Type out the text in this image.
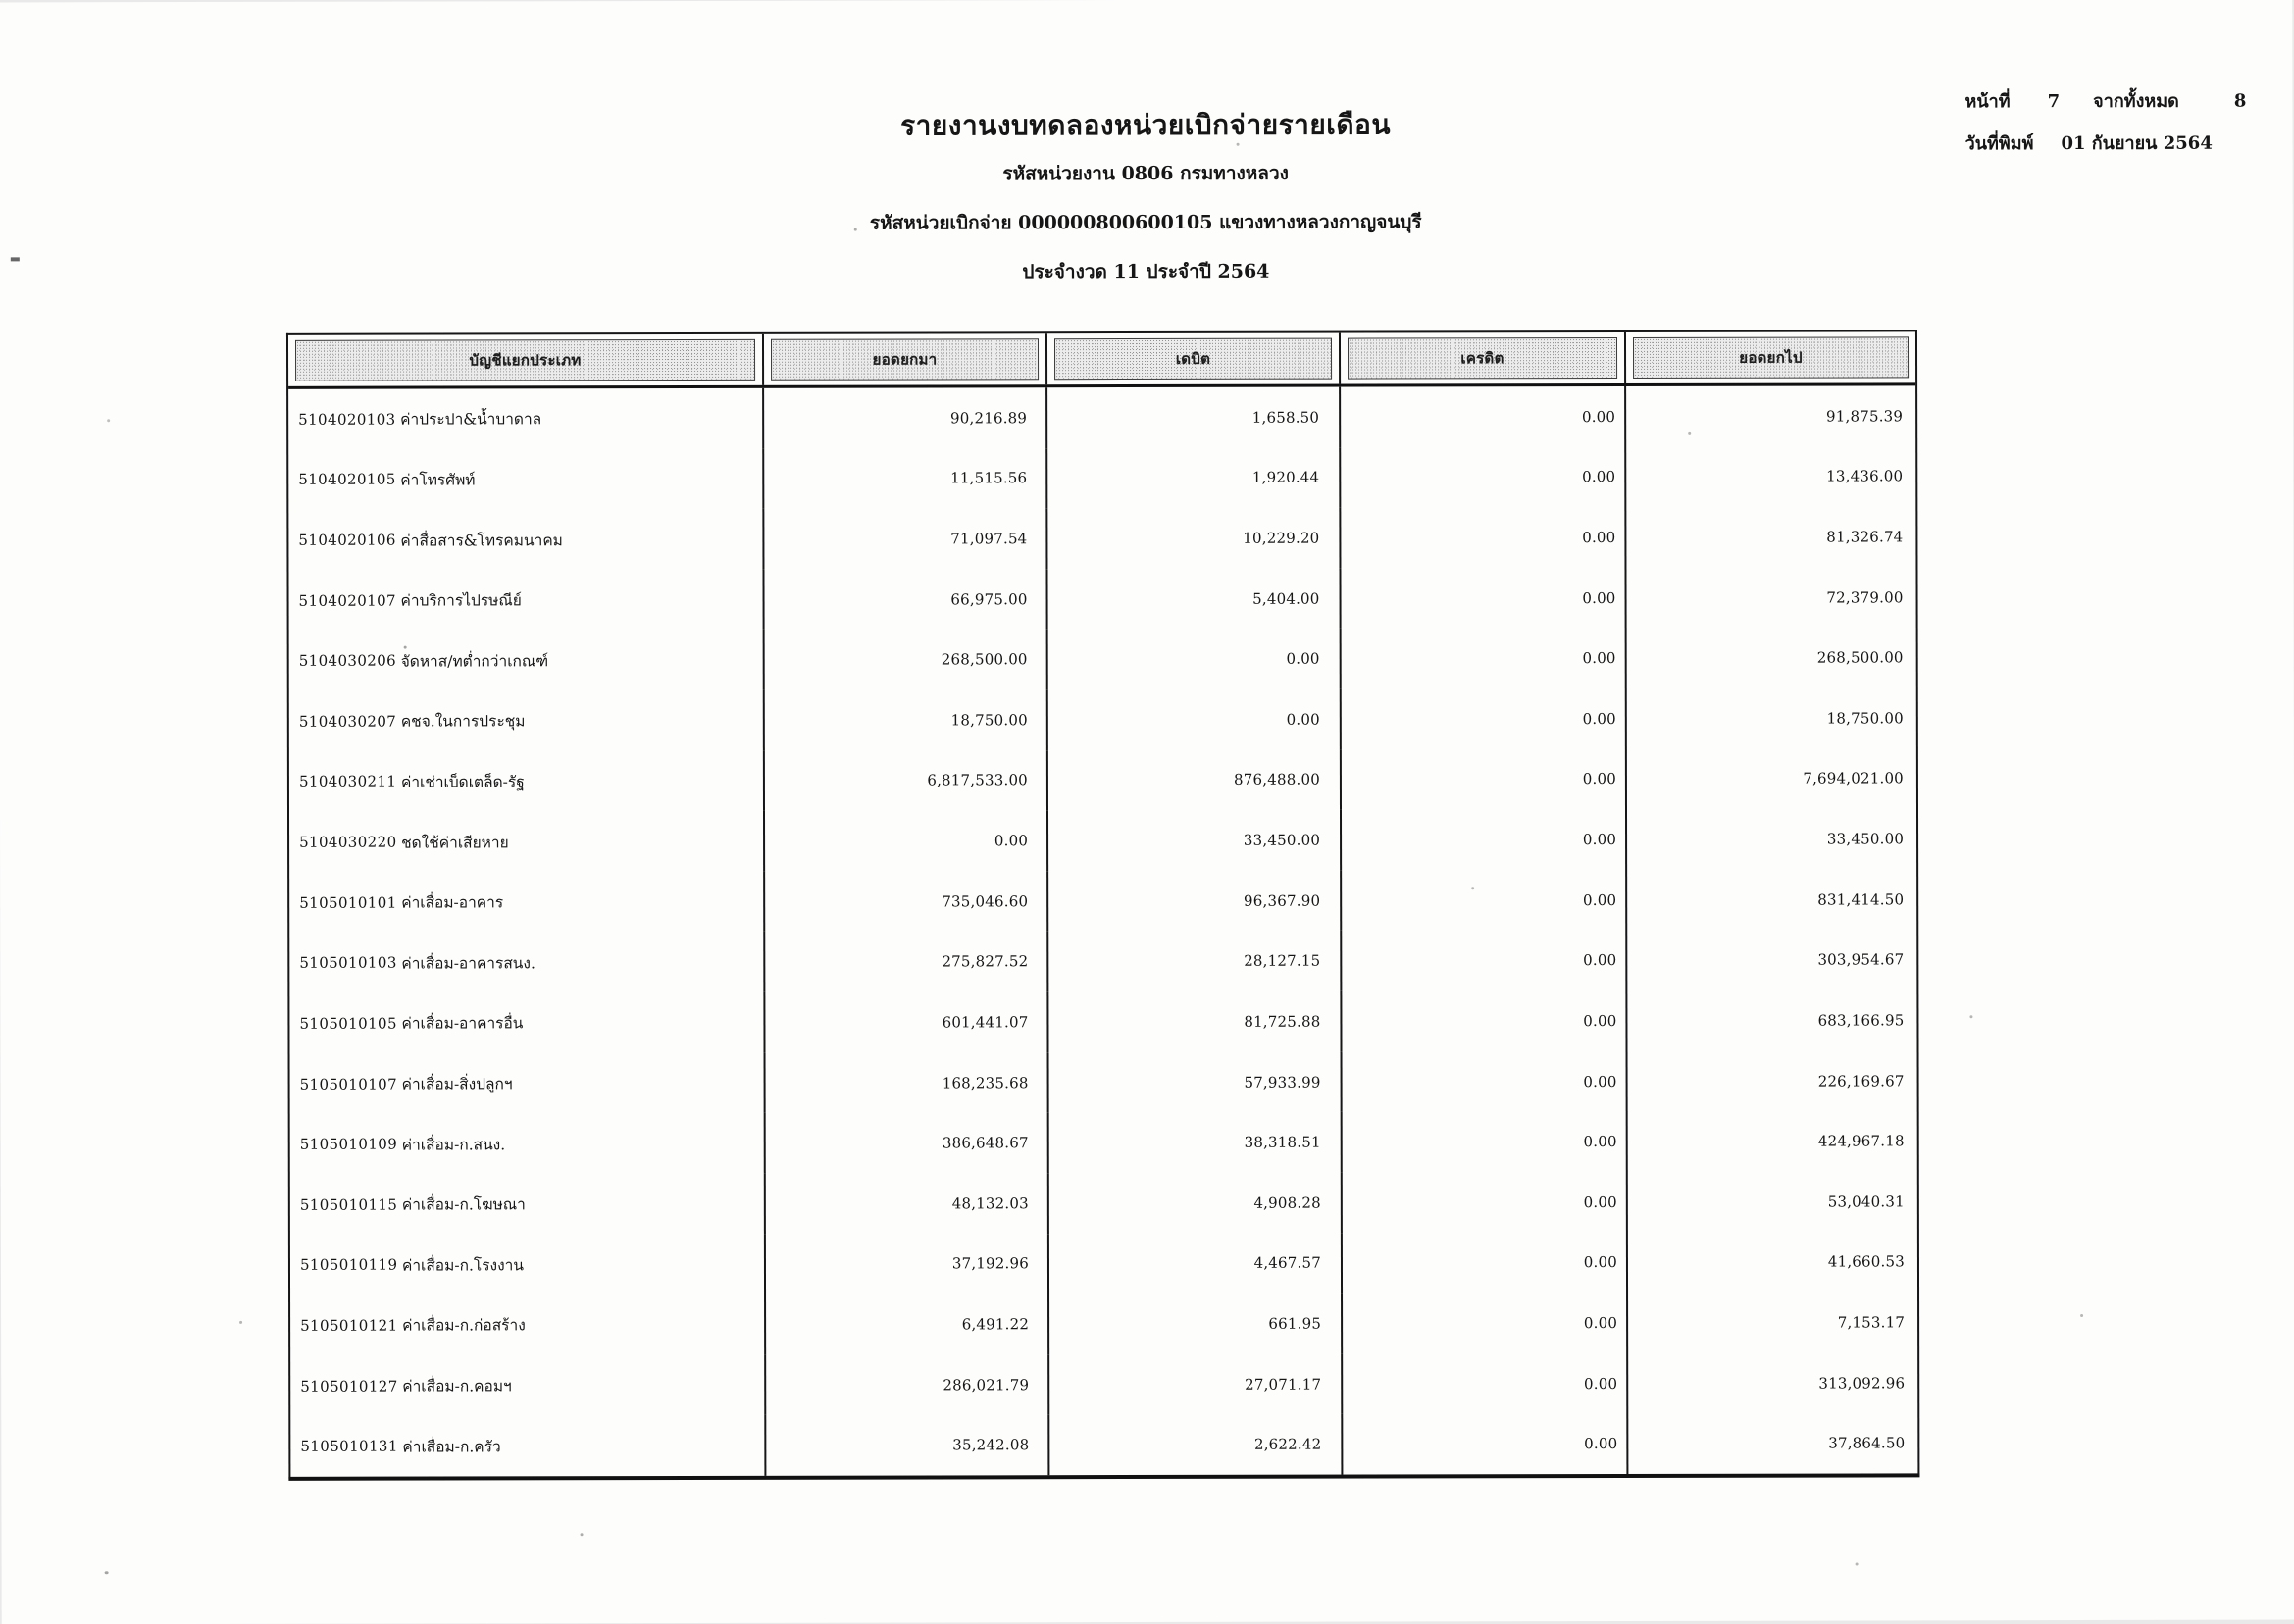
รายงานงบทดลองหน่วยเบิกจ่ายรายเดือน
รหัสหน่วยงาน 0806 กรมทางหลวง
รหัสหน่วยเบิกจ่าย 000000800600105 แขวงทางหลวงกาญจนบุรี
ประจำงวด 11 ประจำปี 2564
หน้าที่ 7 จากทั้งหมด	8
วันที่พิมพ์ 01 กันยายน 2564
บัญชีแยกประเภท	ยอดยกมา	เดบิต	เครดิต	ยอดยกไป
5104020103 ค่าประปา&น้ำบาดาล	90,216.89	1,658.50	0.00	91,875.39
5104020105 ค่าโทรศัพท์	11,515.56	1,920.44	0.00	13,436.00
5104020106 ค่าสื่อสาร&โทรคมนาคม	71,097.54	10,229.20	0.00	81,326.74
5104020107 ค่าบริการไปรษณีย์	66,975.00	5,404.00	0.00	72,379.00
5104030206 จัดหาส/ทต่ำกว่าเกณฑ์	268,500.00	0.00	0.00	268,500.00
5104030207 คชจ.ในการประชุม	18,750.00	0.00	0.00	18,750.00
5104030211 ค่าเช่าเบ็ดเตล็ด-รัฐ	6,817,533.00	876,488.00	0.00	7,694,021.00
5104030220 ชดใช้ค่าเสียหาย	0.00	33,450.00	0.00	33,450.00
5105010101 ค่าเสื่อม-อาคาร	735,046.60	96,367.90	0.00	831,414.50
5105010103 ค่าเสื่อม-อาคารสนง.	275,827.52	28,127.15	0.00	303,954.67
5105010105 ค่าเสื่อม-อาคารอื่น	601,441.07	81,725.88	0.00	683,166.95
5105010107 ค่าเสื่อม-สิ่งปลูกฯ	168,235.68	57,933.99	0.00	226,169.67
5105010109 ค่าเสื่อม-ก.สนง.	386,648.67	38,318.51	0.00	424,967.18
5105010115 ค่าเสื่อม-ก.โฆษณา	48,132.03	4,908.28	0.00	53,040.31
5105010119 ค่าเสื่อม-ก.โรงงาน	37,192.96	4,467.57	0.00	41,660.53
5105010121 ค่าเสื่อม-ก.ก่อสร้าง	6,491.22	661.95	0.00	7,153.17
5105010127 ค่าเสื่อม-ก.คอมฯ	286,021.79	27,071.17	0.00	313,092.96
5105010131 ค่าเสื่อม-ก.ครัว	35,242.08	2,622.42	0.00	37,864.50
